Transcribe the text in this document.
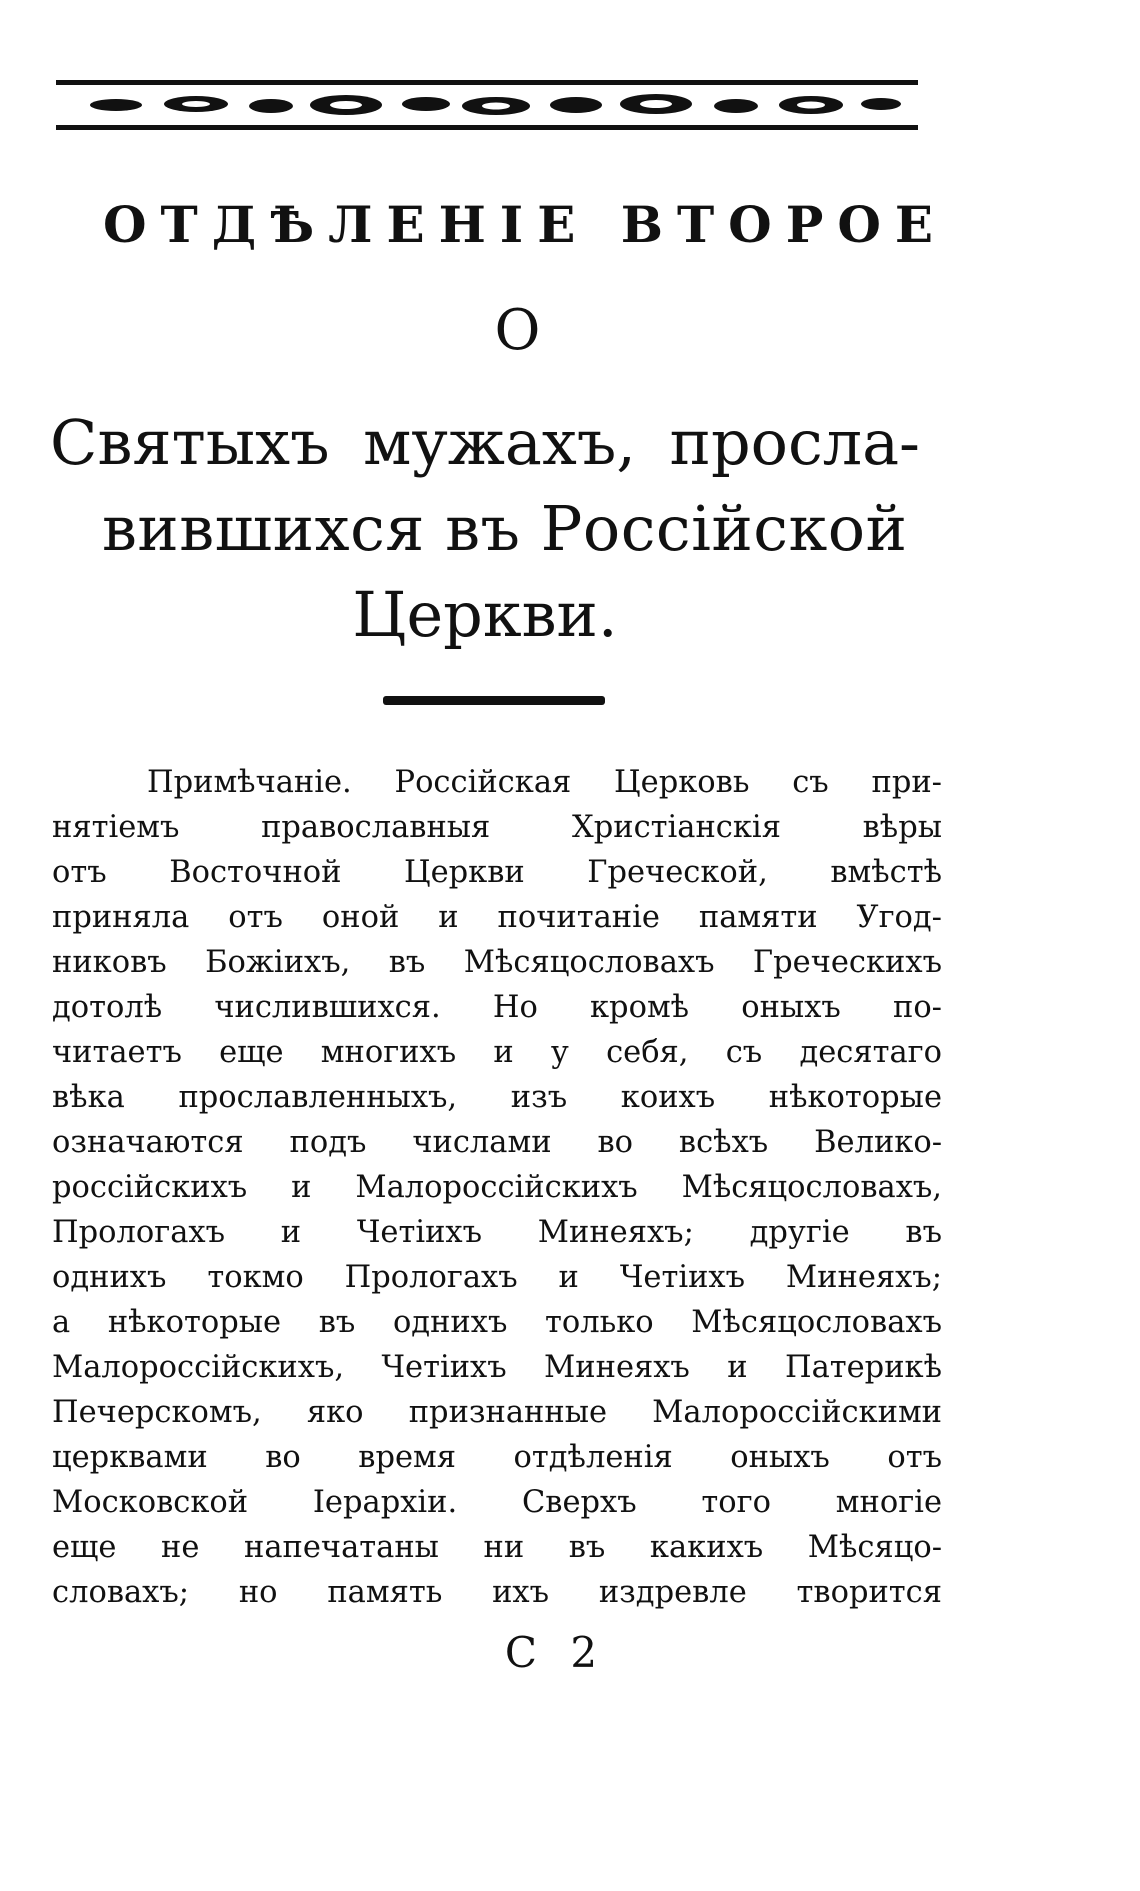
ОТДѢЛЕНІЕ ВТОРОЕ
О
Святыхъ мужахъ, просла-
вившихся въ Россійской
Церкви.
Примѣчаніе. Россійская Церковь съ при-
нятіемъ православныя Христіанскія вѣры
отъ Восточной Церкви Греческой, вмѣстѣ
приняла отъ оной и почитаніе памяти Угод-
никовъ Божіихъ, въ Мѣсяцословахъ Греческихъ
дотолѣ числившихся. Но кромѣ оныхъ по-
читаетъ еще многихъ и у себя, съ десятаго
вѣка прославленныхъ, изъ коихъ нѣкоторые
означаются подъ числами во всѣхъ Велико-
россійскихъ и Малороссійскихъ Мѣсяцословахъ,
Прологахъ и Четіихъ Минеяхъ; другіе въ
однихъ токмо Прологахъ и Четіихъ Минеяхъ;
а нѣкоторые въ однихъ только Мѣсяцословахъ
Малороссійскихъ, Четіихъ Минеяхъ и Патерикѣ
Печерскомъ, яко признанные Малороссійскими
церквами во время отдѣленія оныхъ отъ
Московской Іерархіи. Сверхъ того многіе
еще не напечатаны ни въ какихъ Мѣсяцо-
словахъ; но память ихъ издревле творится
С 2
